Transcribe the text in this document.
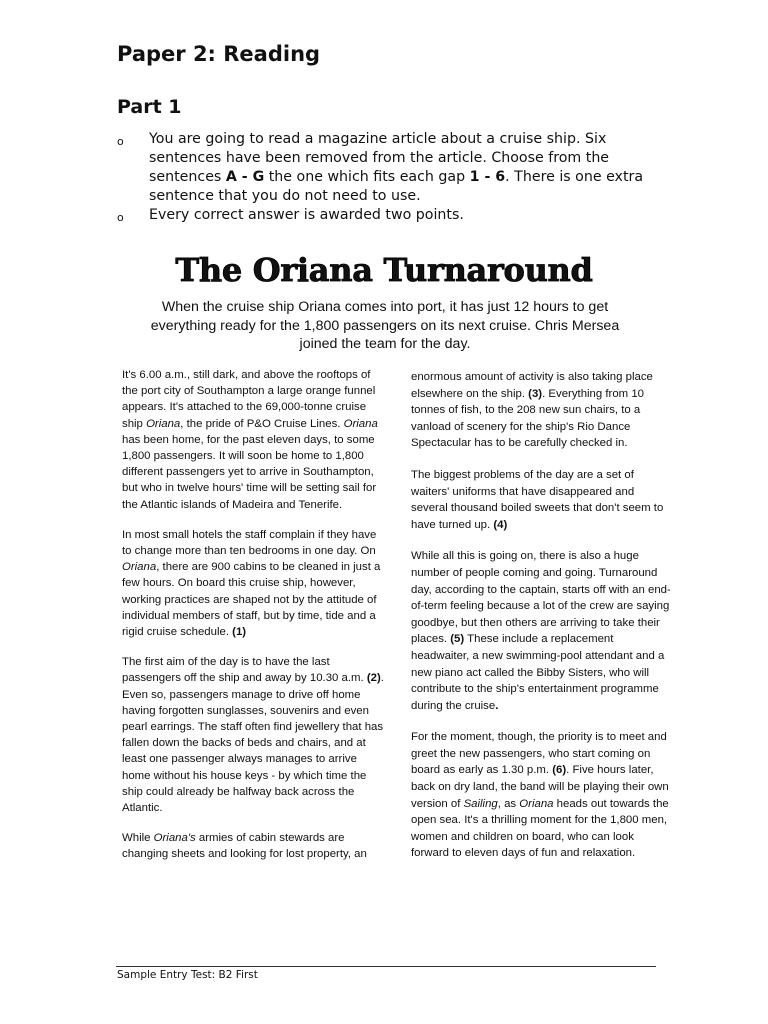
Paper 2: Reading
Part 1
o	You are going to read a magazine article about a cruise ship. Six sentences have been removed from the article. Choose from the sentences A - G the one which fits each gap 1 - 6. There is one extra sentence that you do not need to use.
o	Every correct answer is awarded two points.
The Oriana Turnaround
When the cruise ship Oriana comes into port, it has just 12 hours to get everything ready for the 1,800 passengers on its next cruise. Chris Mersea joined the team for the day.

It's 6.00 a.m., still dark, and above the rooftops of the port city of Southampton a large orange funnel appears. It's attached to the 69,000-tonne cruise ship Oriana, the pride of P&O Cruise Lines. Oriana has been home, for the past eleven days, to some 1,800 passengers. It will soon be home to 1,800 different passengers yet to arrive in Southampton, but who in twelve hours' time will be setting sail for the Atlantic islands of Madeira and Tenerife.

In most small hotels the staff complain if they have to change more than ten bedrooms in one day. On Oriana, there are 900 cabins to be cleaned in just a few hours. On board this cruise ship, however, working practices are shaped not by the attitude of individual members of staff, but by time, tide and a rigid cruise schedule. (1)

The first aim of the day is to have the last passengers off the ship and away by 10.30 a.m. (2). Even so, passengers manage to drive off home having forgotten sunglasses, souvenirs and even pearl earrings. The staff often find jewellery that has fallen down the backs of beds and chairs, and at least one passenger always manages to arrive home without his house keys - by which time the ship could already be halfway back across the Atlantic.

While Oriana's armies of cabin stewards are changing sheets and looking for lost property, an

enormous amount of activity is also taking place elsewhere on the ship. (3). Everything from 10 tonnes of fish, to the 208 new sun chairs, to a vanload of scenery for the ship's Rio Dance Spectacular has to be carefully checked in.

The biggest problems of the day are a set of waiters' uniforms that have disappeared and several thousand boiled sweets that don't seem to have turned up. (4)

While all this is going on, there is also a huge number of people coming and going. Turnaround day, according to the captain, starts off with an end-of-term feeling because a lot of the crew are saying goodbye, but then others are arriving to take their places. (5) These include a replacement headwaiter, a new swimming-pool attendant and a new piano act called the Bibby Sisters, who will contribute to the ship's entertainment programme during the cruise.

For the moment, though, the priority is to meet and greet the new passengers, who start coming on board as early as 1.30 p.m. (6). Five hours later, back on dry land, the band will be playing their own version of Sailing, as Oriana heads out towards the open sea. It's a thrilling moment for the 1,800 men, women and children on board, who can look forward to eleven days of fun and relaxation.

Sample Entry Test: B2 First
